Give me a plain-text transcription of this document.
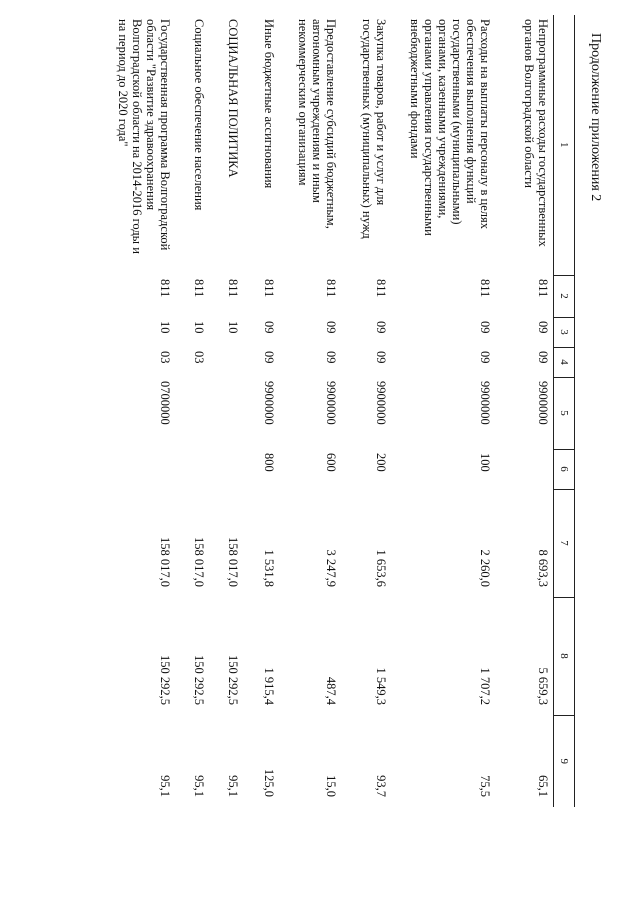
Продолжение приложения 2
1	2	3	4	5	6	7	8	9
Непрограммные расходы государственных органов Волгоградской области	811	09	09	9900000		8 693,3	5 659,3	65,1
Расходы на выплаты персоналу в целях обеспечения выполнения функций государственными (муниципальными) органами, казенными учреждениями, органами управления государственными внебюджетными фондами	811	09	09	9900000	100	2 260,0	1 707,2	75,5
Закупка товаров, работ и услуг для государственных (муниципальных) нужд	811	09	09	9900000	200	1 653,6	1 549,3	93,7
Предоставление субсидий бюджетным, автономным учреждениям и иным некоммерческим организациям	811	09	09	9900000	600	3 247,9	487,4	15,0
Иные бюджетные ассигнования	811	09	09	9900000	800	1 531,8	1 915,4	125,0
СОЦИАЛЬНАЯ ПОЛИТИКА	811	10				158 017,0	150 292,5	95,1
Социальное обеспечение населения	811	10	03			158 017,0	150 292,5	95,1
Государственная программа Волгоградской области "Развитие здравоохранения Волгоградской области на 2014-2016 годы и на период до 2020 года"	811	10	03	0700000		158 017,0	150 292,5	95,1
